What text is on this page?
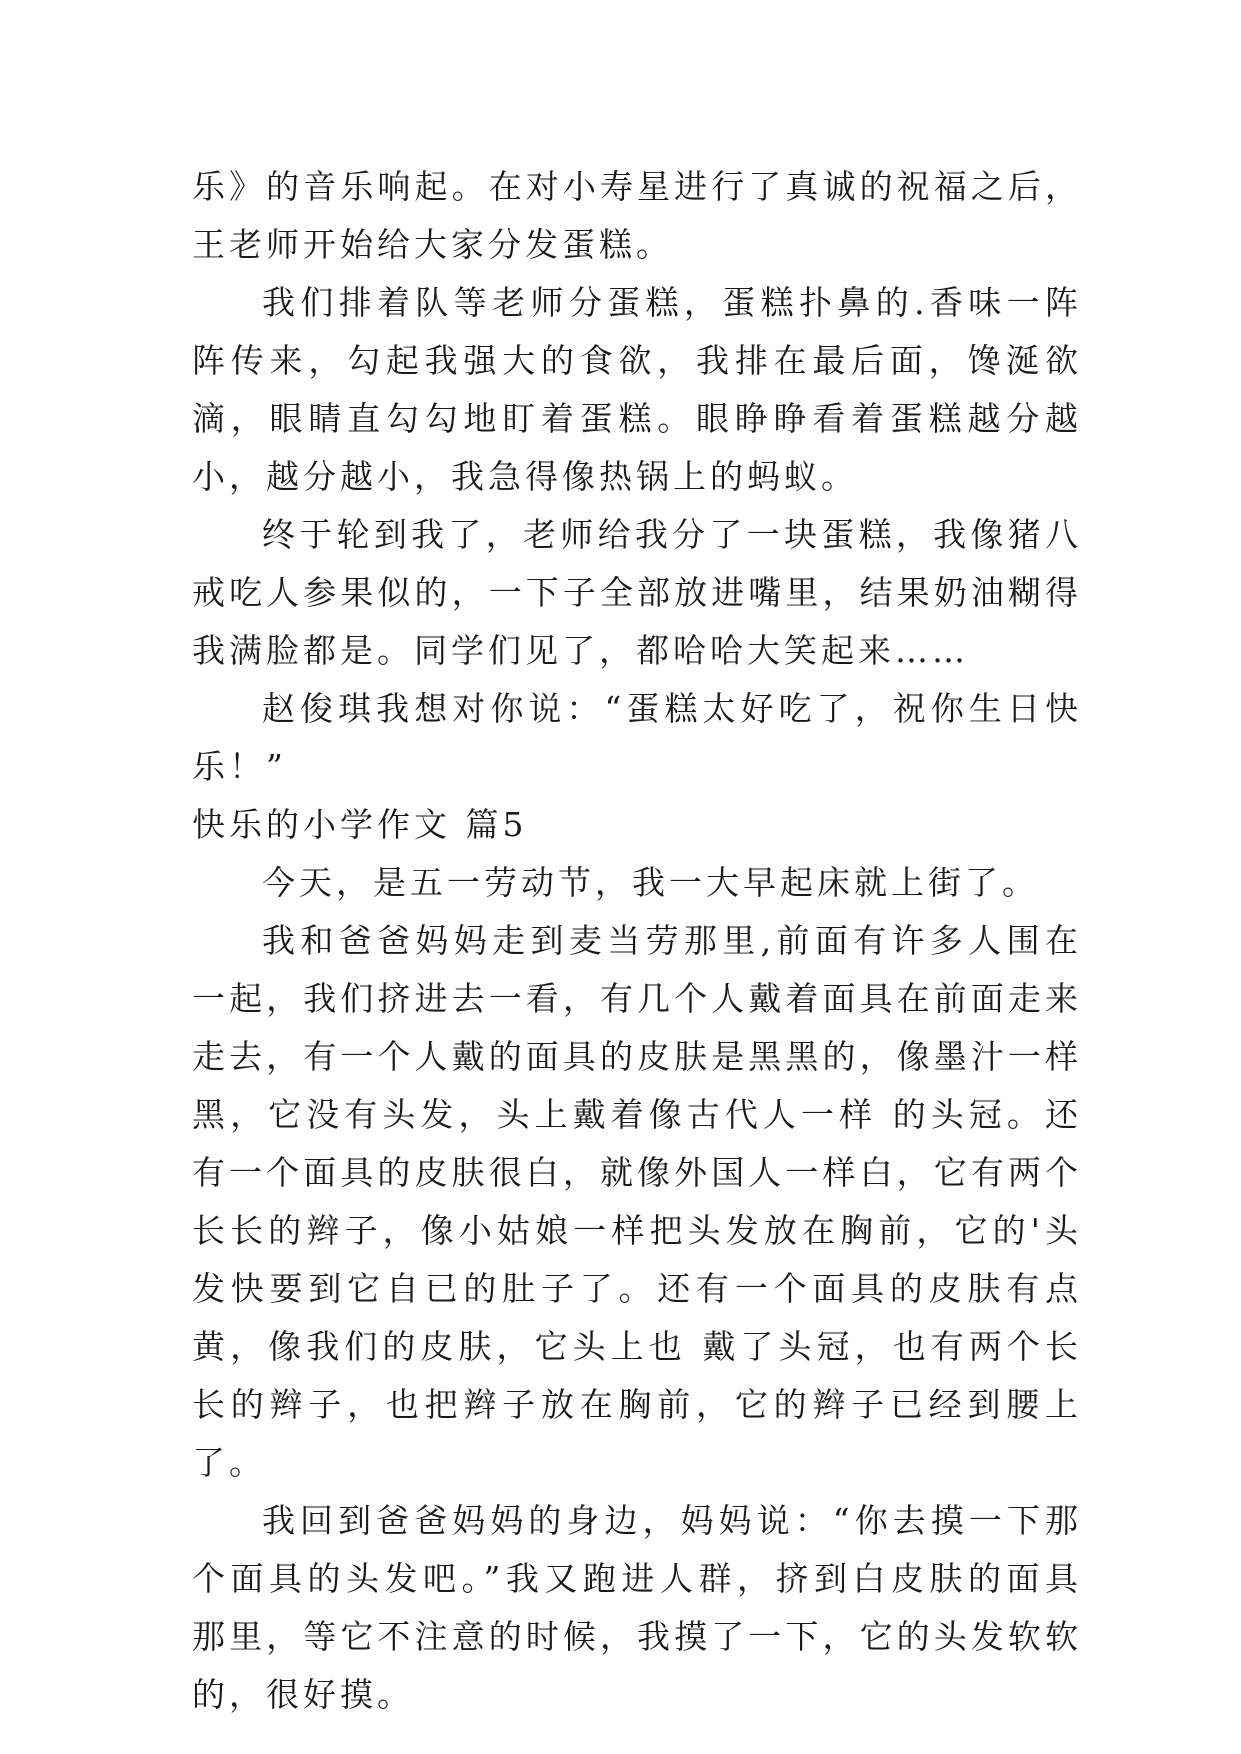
乐》的音乐响起。在对小寿星进行了真诚的祝福之后，王老师开始给大家分发蛋糕。

我们排着队等老师分蛋糕，蛋糕扑鼻的.香味一阵阵传来，勾起我强大的食欲，我排在最后面，馋涎欲滴，眼睛直勾勾地盯着蛋糕。眼睁睁看着蛋糕越分越小，越分越小，我急得像热锅上的蚂蚁。

终于轮到我了，老师给我分了一块蛋糕，我像猪八戒吃人参果似的，一下子全部放进嘴里，结果奶油糊得我满脸都是。同学们见了，都哈哈大笑起来……

赵俊琪我想对你说：“蛋糕太好吃了，祝你生日快乐！”

快乐的小学作文 篇5

今天，是五一劳动节，我一大早起床就上街了。

我和爸爸妈妈走到麦当劳那里,前面有许多人围在一起，我们挤进去一看，有几个人戴着面具在前面走来走去，有一个人戴的面具的皮肤是黑黑的，像墨汁一样黑，它没有头发，头上戴着像古代人一样 的头冠。还有一个面具的皮肤很白，就像外国人一样白，它有两个长长的辫子，像小姑娘一样把头发放在胸前，它的'头发快要到它自已的肚子了。还有一个面具的皮肤有点黄，像我们的皮肤，它头上也 戴了头冠，也有两个长长的辫子，也把辫子放在胸前，它的辫子已经到腰上了。

我回到爸爸妈妈的身边，妈妈说：“你去摸一下那个面具的头发吧。”我又跑进人群，挤到白皮肤的面具那里，等它不注意的时候，我摸了一下，它的头发软软的，很好摸。
